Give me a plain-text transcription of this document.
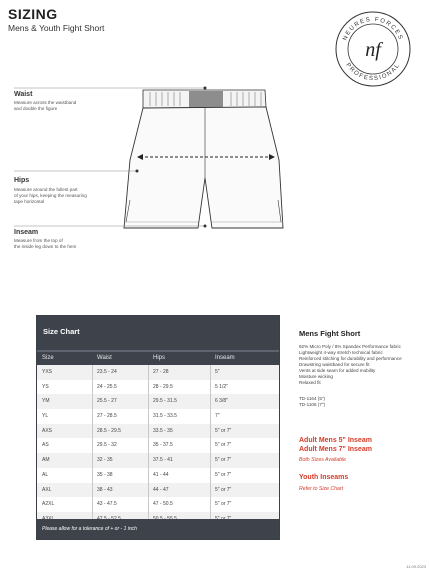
SIZING
Mens & Youth Fight Short
NEURES FORCES
PROFESSIONAL
nf
Waist
Measure across the waistband
and double the figure
Hips
Measure around the fullest part
of your hips, keeping the measuring
tape horizontal
Inseam
Measure from the top of
the inside leg down to the hem
Size Chart
Size	Waist	Hips	Inseam
YXS	23.5 - 24	27 - 28	5"
YS	24 - 25.5	28 - 29.5	5 1/2"
YM	25.5 - 27	29.5 - 31.5	6 3/8"
YL	27 - 28.5	31.5 - 33.5	7"
AXS	28.5 - 29.5	33.5 - 35	5" or 7"
AS	29.5 - 32	35 - 37.5	5" or 7"
AM	32 - 35	37.5 - 41	5" or 7"
AL	35 - 38	41 - 44	5" or 7"
AXL	38 - 43	44 - 47	5" or 7"
A2XL	43 - 47.5	47 - 50.5	5" or 7"
Please allow for a tolerance of + or - 1 inch
Mens Fight Short
92% Micro Poly / 8% Spandex Performance fabric
Lightweight 4-way stretch technical fabric
Reinforced stitching for durability and performance
Drawstring waistband for secure fit
Vents at side seam for added mobility
Moisture wicking
Relaxed fit
TD-1164 (5")
TD-1106 (7")
Adult Mens 5" Inseam
Adult Mens 7" Inseam
Both Sizes Available
Youth Inseams
Refer to Size Chart
11.09.2023
